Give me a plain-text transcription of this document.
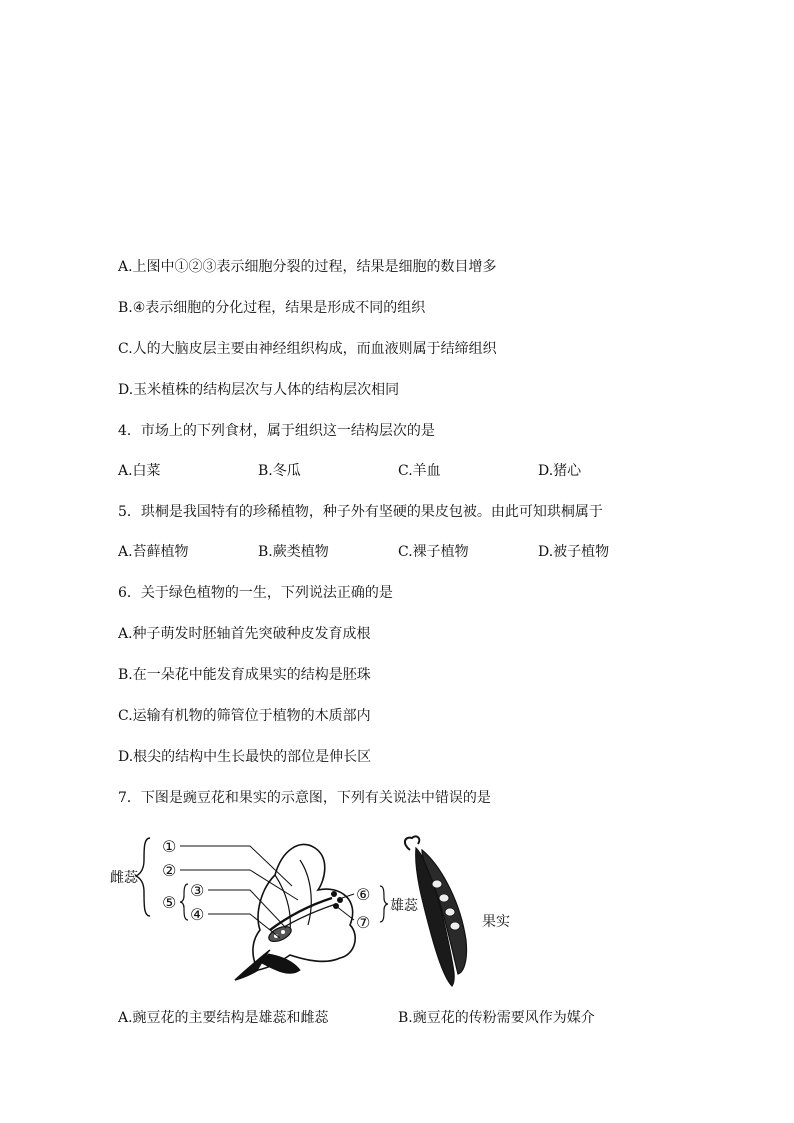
A.上图中①②③表示细胞分裂的过程，结果是细胞的数目增多
B.④表示细胞的分化过程，结果是形成不同的组织
C.人的大脑皮层主要由神经组织构成，而血液则属于结缔组织
D.玉米植株的结构层次与人体的结构层次相同
4．市场上的下列食材，属于组织这一结构层次的是
A.白菜	B.冬瓜	C.羊血	D.猪心
5．珙桐是我国特有的珍稀植物，种子外有坚硬的果皮包被。由此可知珙桐属于
A.苔藓植物	B.蕨类植物	C.裸子植物	D.被子植物
6．关于绿色植物的一生，下列说法正确的是
A.种子萌发时胚轴首先突破种皮发育成根
B.在一朵花中能发育成果实的结构是胚珠
C.运输有机物的筛管位于植物的木质部内
D.根尖的结构中生长最快的部位是伸长区
7．下图是豌豆花和果实的示意图，下列有关说法中错误的是
雌蕊
①
②
⑤
③
④
⑥
⑦
雄蕊
果实
A.豌豆花的主要结构是雄蕊和雌蕊	B.豌豆花的传粉需要风作为媒介
